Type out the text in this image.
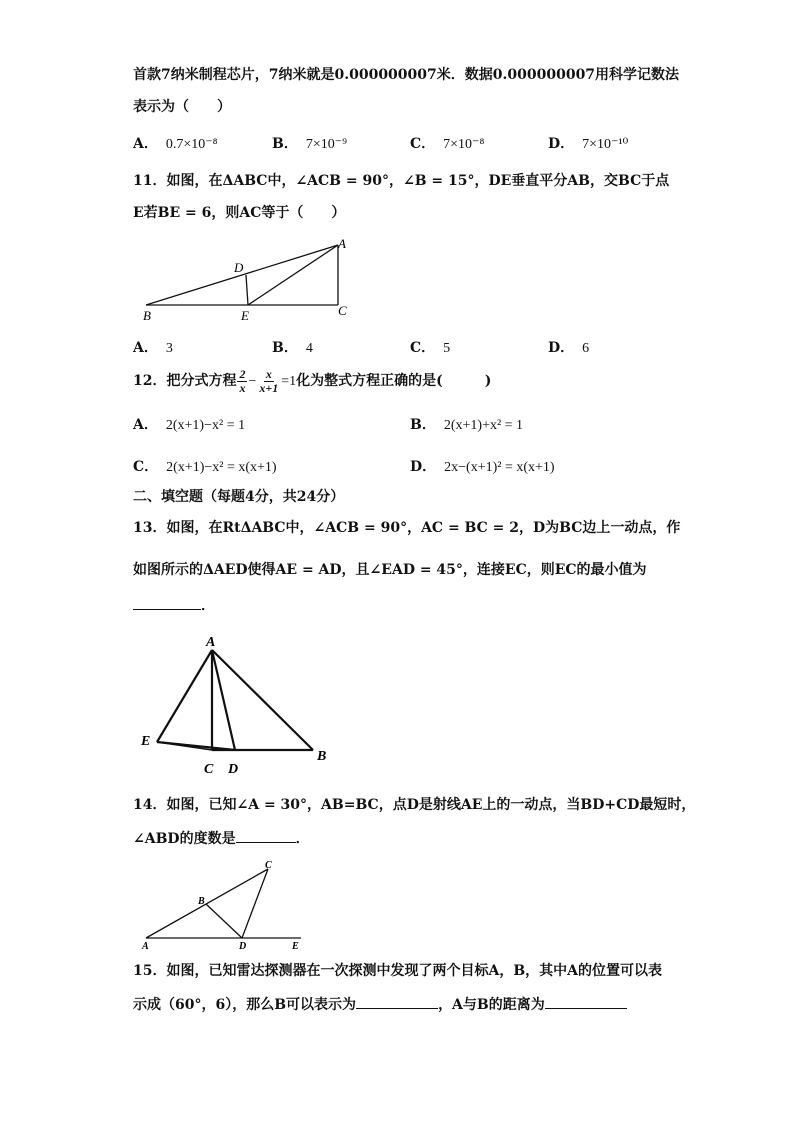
首款7纳米制程芯片，7纳米就是0.000000007米．数据0.000000007用科学记数法
表示为（　　）
A． 0.7×10⁻⁸	B． 7×10⁻⁹	C． 7×10⁻⁸	D． 7×10⁻¹⁰
11．如图，在ΔABC中，∠ACB = 90°，∠B = 15°，DE垂直平分AB，交BC于点
E若BE = 6，则AC等于（　　）
A
B	C
D
E
A． 3	B． 4	C． 5	D． 6
12．把分式方程 $\frac{2}{x} - \frac{x}{x+1} =1$化为整式方程正确的是(　　　)
A． 2(x+1)−x² = 1	B． 2(x+1)+x² = 1
C． 2(x+1)−x² = x(x+1)	D． 2x−(x+1)² = x(x+1)
二、填空题（每题4分，共24分）
13．如图，在RtΔABC中，∠ACB = 90°，AC = BC = 2，D为BC边上一动点，作
如图所示的ΔAED使得AE = AD，且∠EAD = 45°，连接EC，则EC的最小值为
．
A
E
C D
B
14．如图，已知∠A = 30°，AB=BC，点D是射线AE上的一动点，当BD+CD最短时，
∠ABD的度数是	．
A
B
C
D	E
15．如图，已知雷达探测器在一次探测中发现了两个目标A，B，其中A的位置可以表
示成（60°，6），那么B可以表示为	，A与B的距离为
